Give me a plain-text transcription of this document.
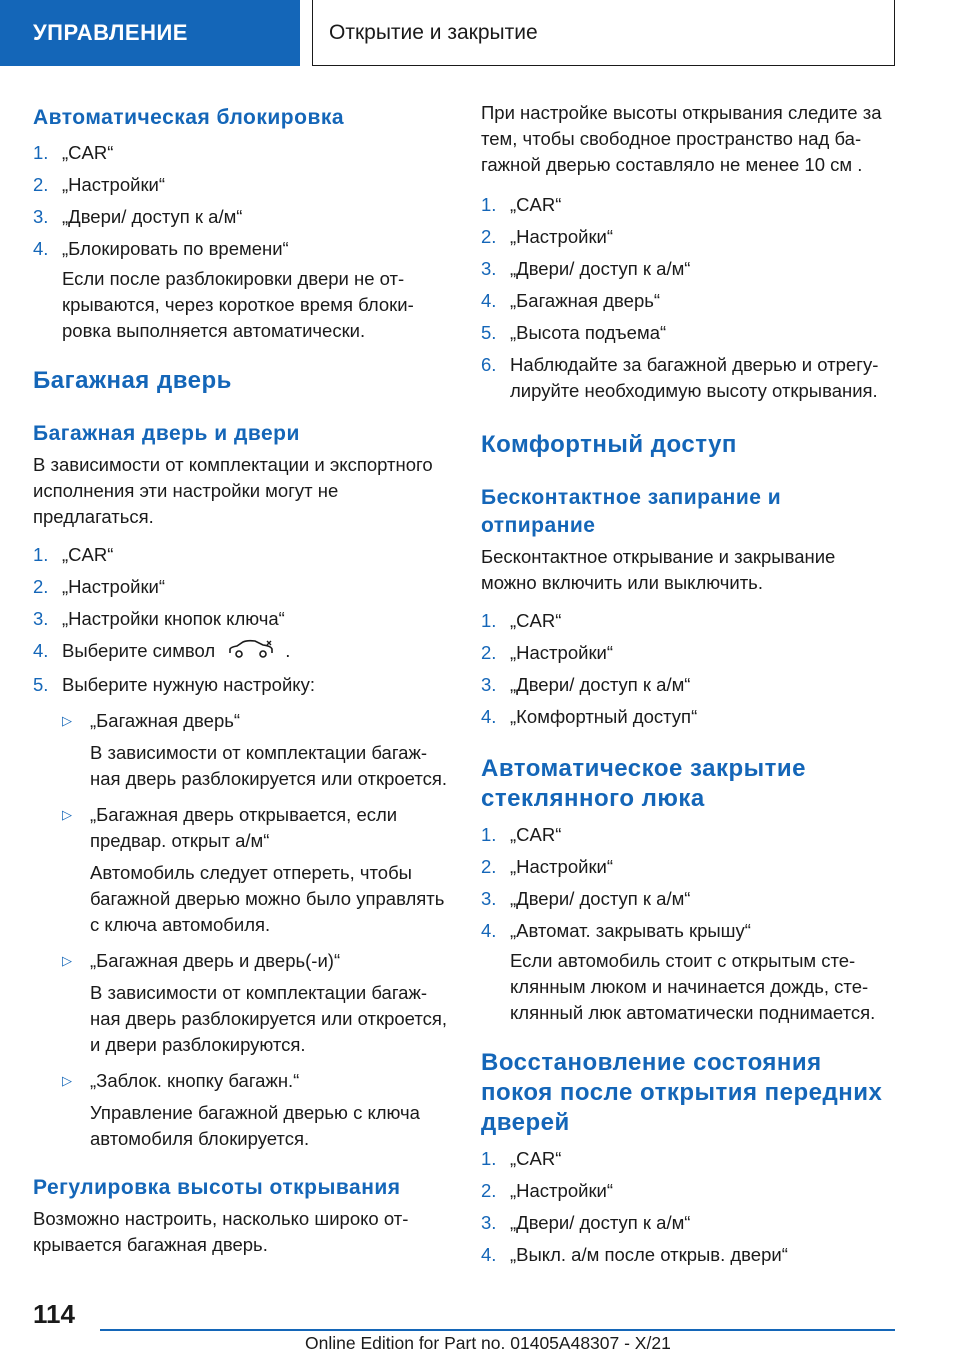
УПРАВЛЕНИЕ	Открытие и закрытие
Автоматическая блокировка
1. „CAR“
2. „Настройки“
3. „Двери/ доступ к а/м“
4. „Блокировать по времени“

Если после разблокировки двери не открываются, через короткое время блокировка выполняется автоматически.

Багажная дверь
Багажная дверь и двери

В зависимости от комплектации и экспортного исполнения эти настройки могут не предлагаться.

1. „CAR“
2. „Настройки“
3. „Настройки кнопок ключа“
4. Выберите символ	.
5. Выберите нужную настройку:
▷ „Багажная дверь“

В зависимости от комплектации багажная дверь разблокируется или откроется.

▷ „Багажная дверь открывается, если предвар. открыт а/м“

Автомобиль следует отпереть, чтобы багажной дверью можно было управлять с ключа автомобиля.

▷ „Багажная дверь и дверь(-и)“

В зависимости от комплектации багажная дверь разблокируется или откроется, и двери разблокируются.

▷ „Заблок. кнопку багажн.“

Управление багажной дверью с ключа автомобиля блокируется.

Регулировка высоты открывания

Возможно настроить, насколько широко открывается багажная дверь.

При настройке высоты открывания следите за тем, чтобы свободное пространство над багажной дверью составляло не менее 10 см .

1. „CAR“
2. „Настройки“
3. „Двери/ доступ к а/м“
4. „Багажная дверь“
5. „Высота подъема“
6. Наблюдайте за багажной дверью и отрегулируйте необходимую высоту открывания.
Комфортный доступ
Бесконтактное запирание и отпирание

Бесконтактное открывание и закрывание можно включить или выключить.

1. „CAR“
2. „Настройки“
3. „Двери/ доступ к а/м“
4. „Комфортный доступ“
Автоматическое закрытие стеклянного люка
1. „CAR“
2. „Настройки“
3. „Двери/ доступ к а/м“
4. „Автомат. закрывать крышу“

Если автомобиль стоит с открытым стеклянным люком и начинается дождь, стеклянный люк автоматически поднимается.

Восстановление состояния покоя после открытия передних дверей
1. „CAR“
2. „Настройки“
3. „Двери/ доступ к а/м“
4. „Выкл. а/м после открыв. двери“
114
Online Edition for Part no. 01405A48307 - X/21
